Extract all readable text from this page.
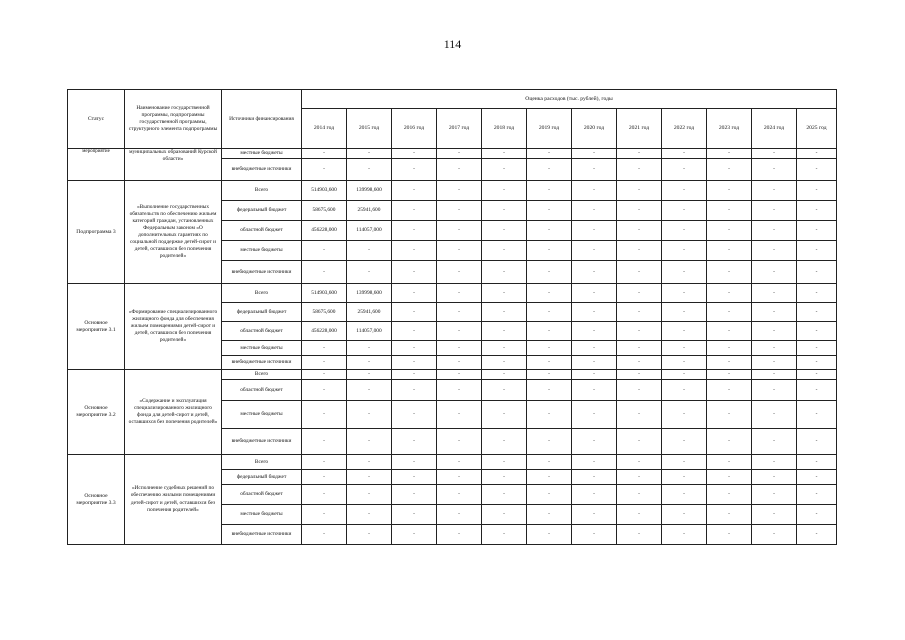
114
Статус	Наименование государственной программы, подпрограммы государственной программы, структурного элемента подпрограммы	Источники финансирования	Оценка расходов (тыс. рублей), годы											
			2014 год	2015 год	2016 год	2017 год	2018 год	2019 год	2020 год	2021 год	2022 год	2023 год	2024 год	2025 год
мероприятие	муниципальных образований Курской области»	местные бюджеты	-	-	-	-	-	-	-	-	-	-	-	-
		внебюджетные источники	-	-	-	-	-	-	-	-	-	-	-	-
Подпрограмма 3	«Выполнение государственных обязательств по обеспечению жильем категорий граждан, установленных Федеральным законом «О дополнительных гарантиях по социальной поддержке детей-сирот и детей, оставшихся без попечения родителей»	Всего	514903,600	139998,600	-	-	-	-	-	-	-	-	-	-
		федеральный бюджет	58675,600	25941,600	-	-	-	-	-	-	-	-	-	-
		областной бюджет	456228,000	114057,000	-	-	-	-	-	-	-	-	-	-
		местные бюджеты	-	-	-	-	-	-	-	-	-	-	-	-
		внебюджетные источники	-	-	-	-	-	-	-	-	-	-	-	-
Основное мероприятие 3.1	«Формирование специализированного жилищного фонда для обеспечения жильем помещениями детей-сирот и детей, оставшихся без попечения родителей»	Всего	514903,600	139998,600	-	-	-	-	-	-	-	-	-	-
		федеральный бюджет	58675,600	25941,600	-	-	-	-	-	-	-	-	-	-
		областной бюджет	456228,000	114057,000	-	-	-	-	-	-	-	-	-	-
		местные бюджеты	-	-	-	-	-	-	-	-	-	-	-	-
		внебюджетные источники	-	-	-	-	-	-	-	-	-	-	-	-
Основное мероприятие 3.2	«Содержание и эксплуатация специализированного жилищного фонда для детей-сирот и детей, оставшихся без попечения родителей»	Всего	-	-	-	-	-	-	-	-	-	-	-	-
		областной бюджет	-	-	-	-	-	-	-	-	-	-	-	-
		местные бюджеты	-	-	-	-	-	-	-	-	-	-	-	-
		внебюджетные источники	-	-	-	-	-	-	-	-	-	-	-	-
Основное мероприятие 3.3	«Исполнение судебных решений по обеспечению жилыми помещениями детей-сирот и детей, оставшихся без попечения родителей»	Всего	-	-	-	-	-	-	-	-	-	-	-	-
		федеральный бюджет	-	-	-	-	-	-	-	-	-	-	-	-
		областной бюджет	-	-	-	-	-	-	-	-	-	-	-	-
		местные бюджеты	-	-	-	-	-	-	-	-	-	-	-	-
		внебюджетные источники	-	-	-	-	-	-	-	-	-	-	-	-
